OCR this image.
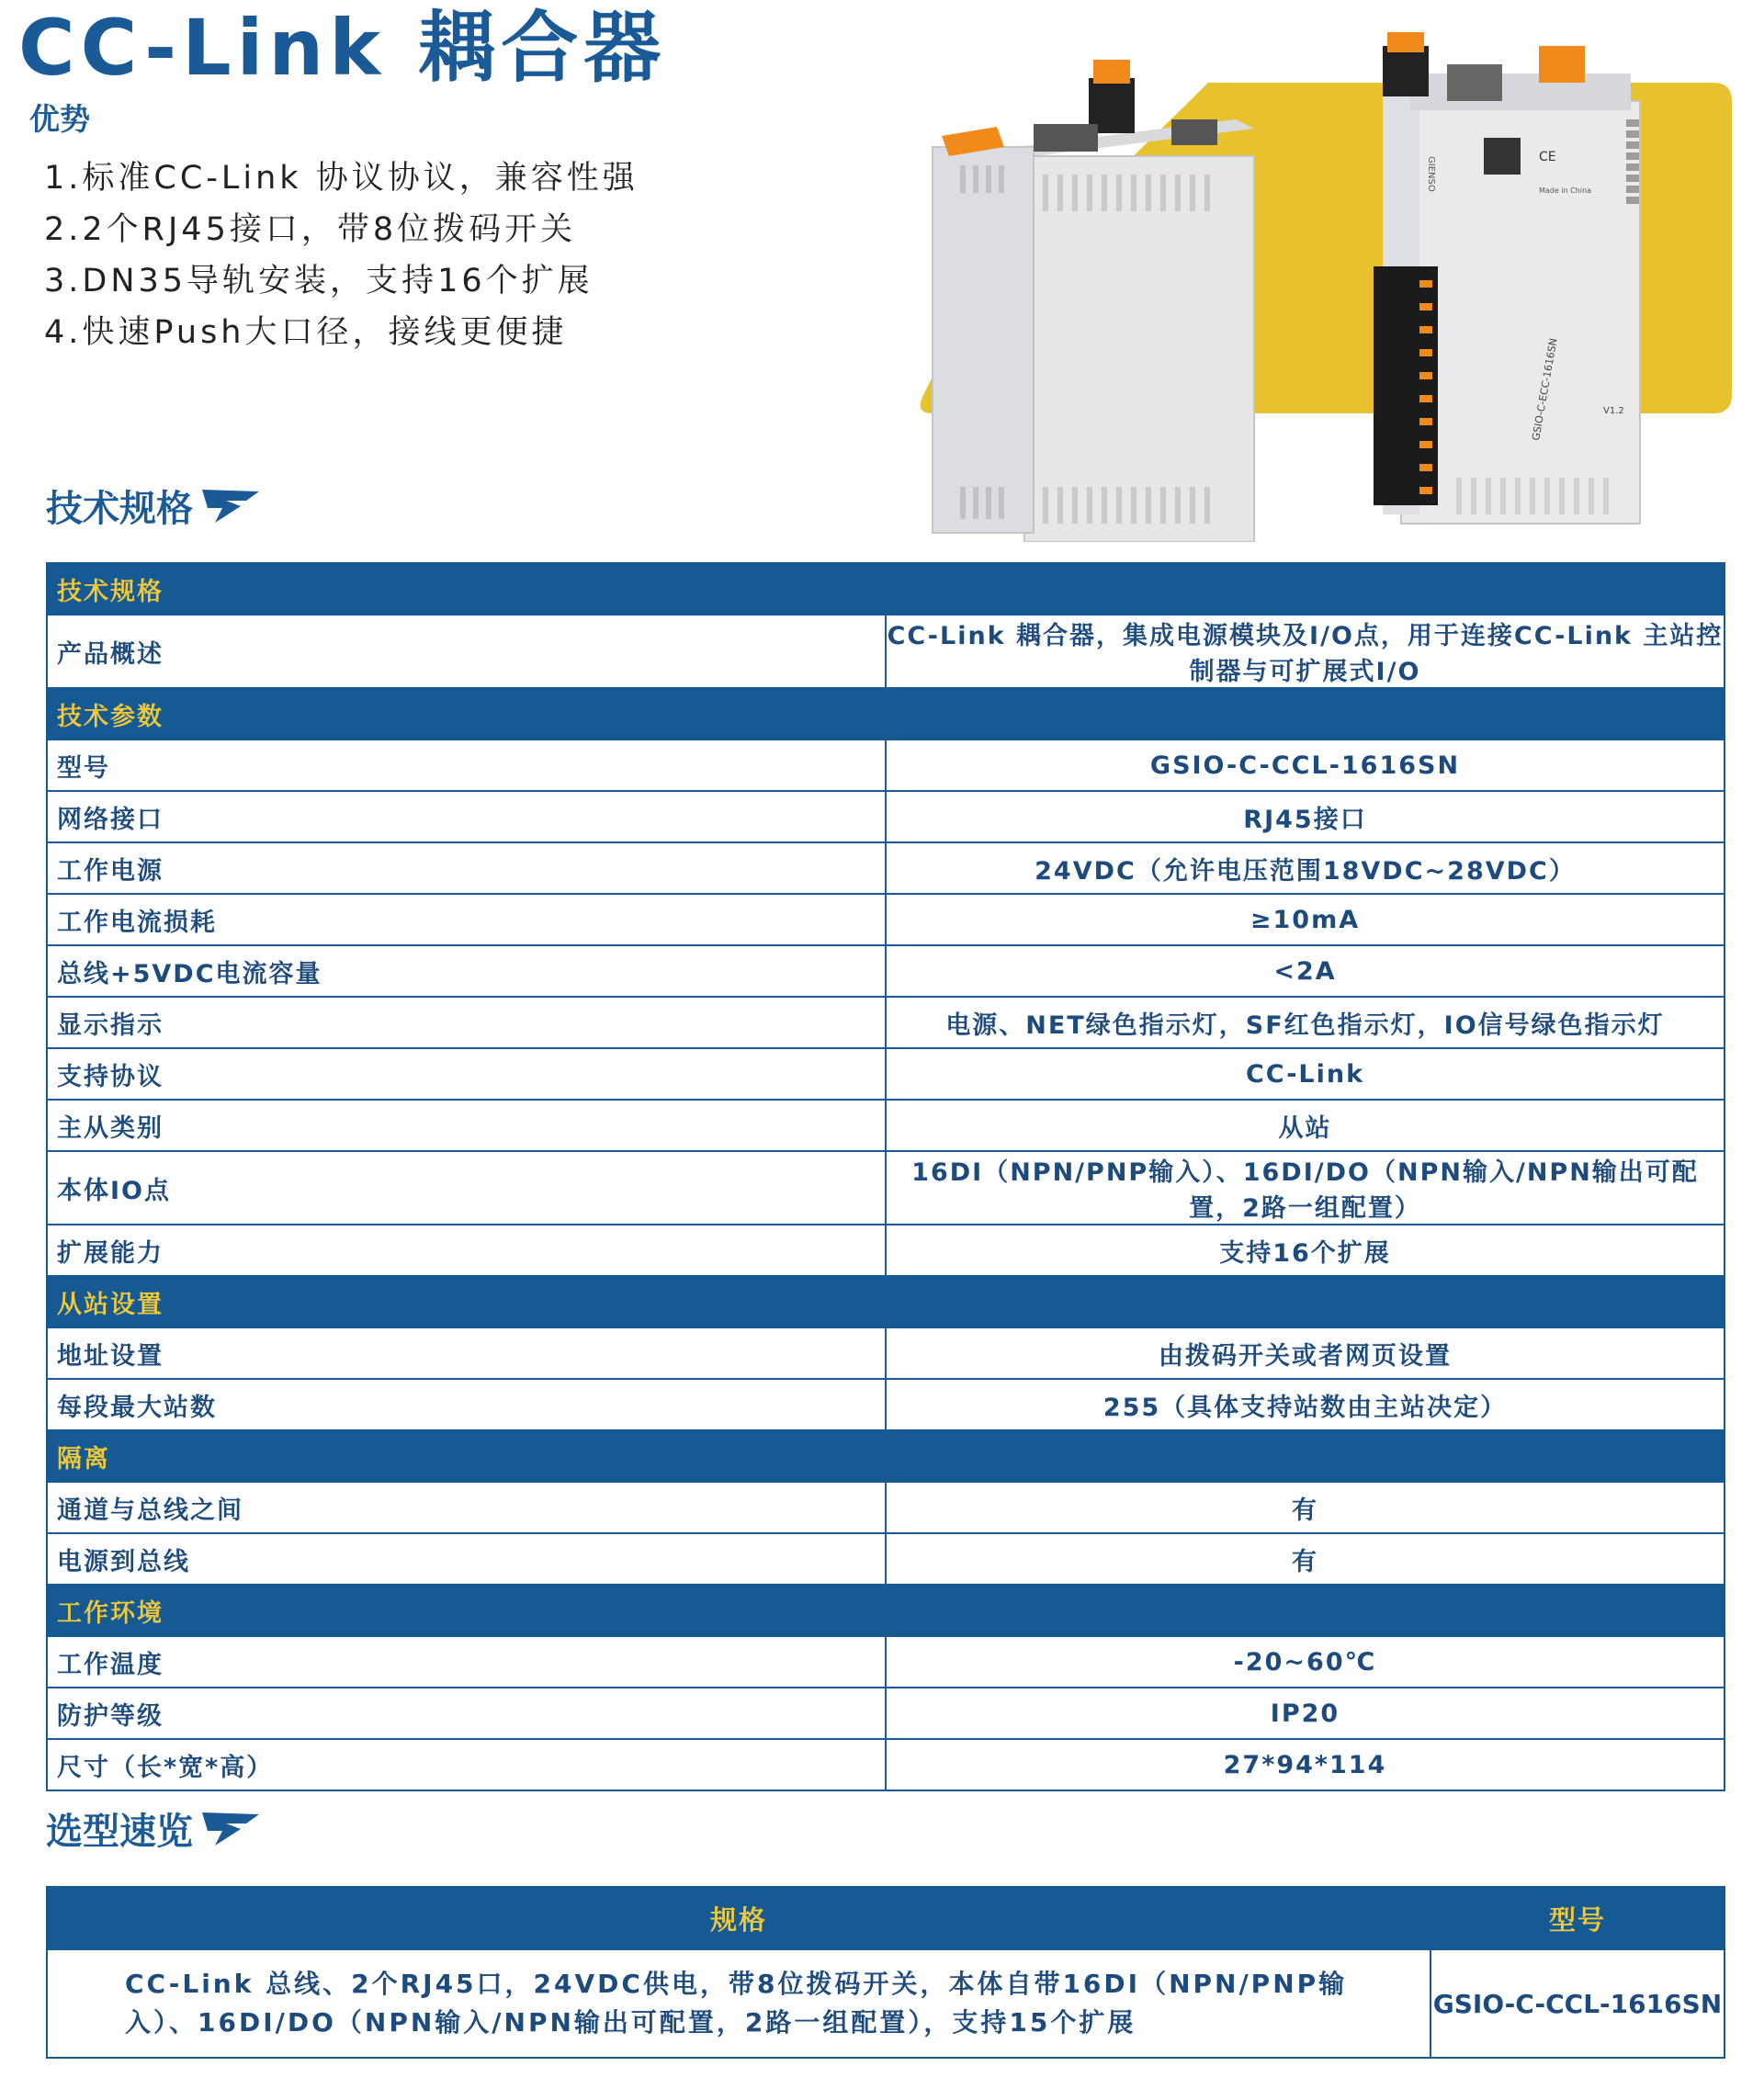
CC-Link 耦合器
优势
1.标准CC-Link 协议协议，兼容性强
2.2个RJ45接口，带8位拨码开关
3.DN35导轨安装，支持16个扩展
4.快速Push大口径，接线更便捷
CE
GIENSO	Made in China
GSIO-C-ECC-1616SN	V1.2
技术规格
技术规格	
产品概述	CC-Link 耦合器，集成电源模块及I/O点，用于连接CC-Link 主站控制器与可扩展式I/O
技术参数	
型号	GSIO-C-CCL-1616SN
网络接口	RJ45接口
工作电源	24VDC（允许电压范围18VDC~28VDC）
工作电流损耗	≥10mA
总线+5VDC电流容量	<2A
显示指示	电源、NET绿色指示灯，SF红色指示灯，IO信号绿色指示灯
支持协议	CC-Link
主从类别	从站
本体IO点	16DI（NPN/PNP输入）、16DI/DO（NPN输入/NPN输出可配置，2路一组配置）
扩展能力	支持16个扩展
从站设置	
地址设置	由拨码开关或者网页设置
每段最大站数	255（具体支持站数由主站决定）
隔离	
通道与总线之间	有
电源到总线	有
工作环境	
工作温度	-20~60℃
防护等级	IP20
尺寸（长*宽*高）	27*94*114
选型速览
规格	型号
CC-Link 总线、2个RJ45口，24VDC供电，带8位拨码开关，本体自带16DI（NPN/PNP输入）、16DI/DO（NPN输入/NPN输出可配置，2路一组配置），支持15个扩展	GSIO-C-CCL-1616SN
